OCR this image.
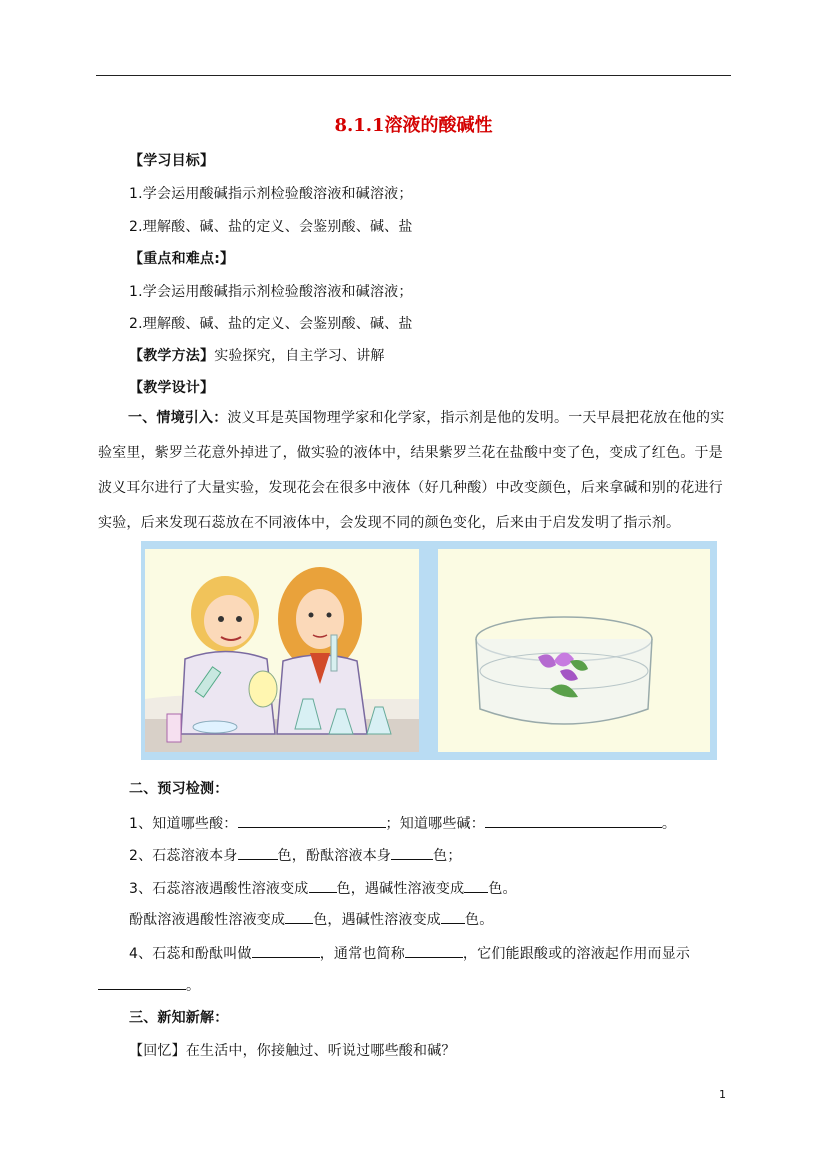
8.1.1溶液的酸碱性
【学习目标】
1.学会运用酸碱指示剂检验酸溶液和碱溶液；
2.理解酸、碱、盐的定义、会鉴别酸、碱、盐
【重点和难点:】
1.学会运用酸碱指示剂检验酸溶液和碱溶液；
2.理解酸、碱、盐的定义、会鉴别酸、碱、盐
【教学方法】实验探究，自主学习、讲解
【教学设计】
一、情境引入：波义耳是英国物理学家和化学家，指示剂是他的发明。一天早晨把花放在他的实验室里，紫罗兰花意外掉进了，做实验的液体中，结果紫罗兰花在盐酸中变了色，变成了红色。于是波义耳尔进行了大量实验，发现花会在很多中液体（好几种酸）中改变颜色，后来拿碱和别的花进行实验，后来发现石蕊放在不同液体中，会发现不同的颜色变化，后来由于启发发明了指示剂。
二、预习检测：
1、知道哪些酸：	；知道哪些碱：	。
2、石蕊溶液本身	色，酚酞溶液本身	色；
3、石蕊溶液遇酸性溶液变成 色，遇碱性溶液变成 色。
酚酞溶液遇酸性溶液变成 色，遇碱性溶液变成 色。
4、石蕊和酚酞叫做	，通常也简称	，它们能跟酸或的溶液起作用而显示
。
三、新知新解：
【回忆】在生活中，你接触过、听说过哪些酸和碱？
1
